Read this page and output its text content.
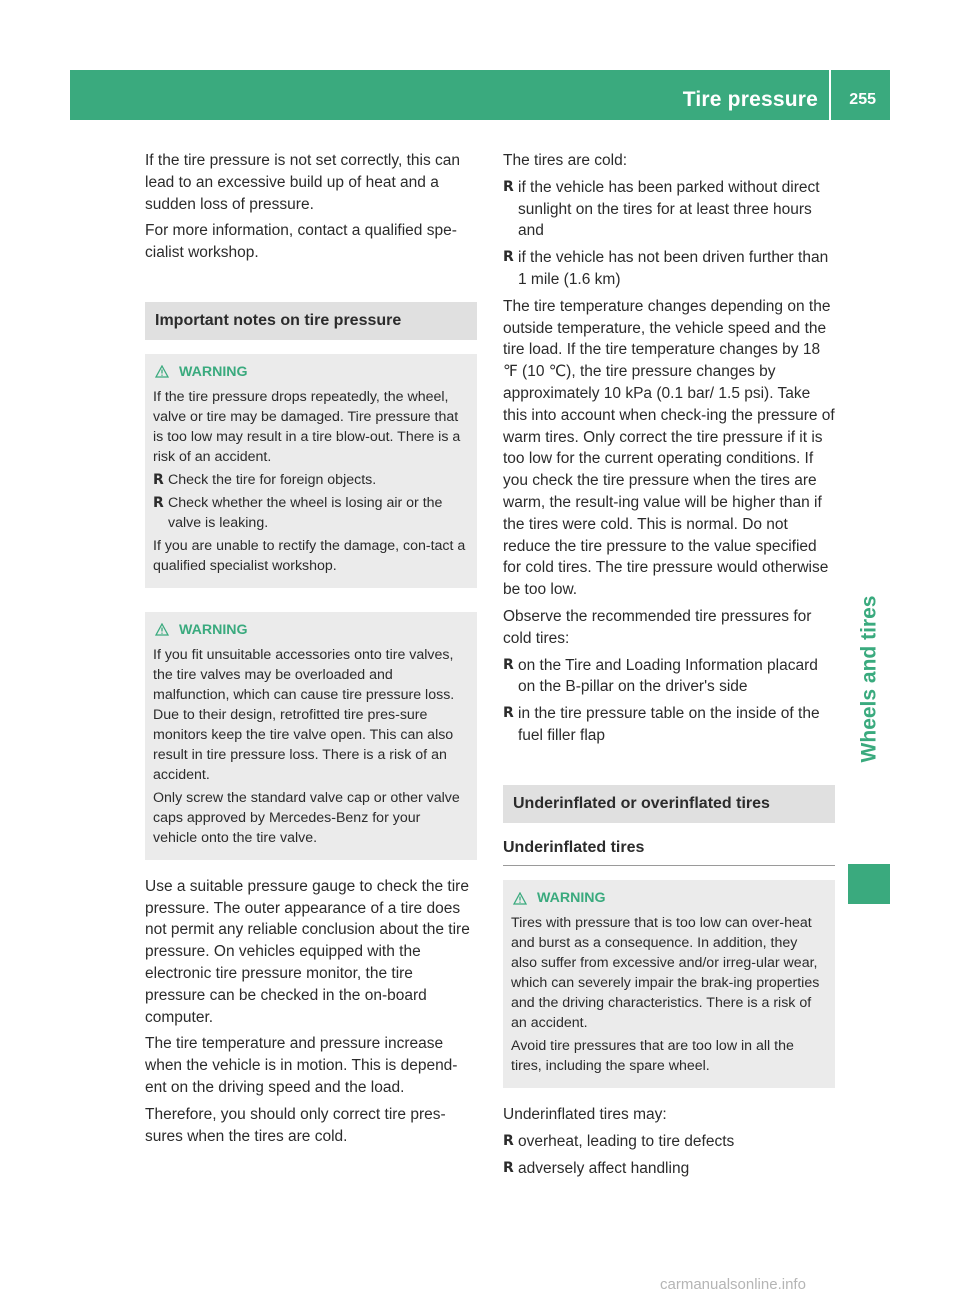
Tire pressure 255
Wheels and tires

If the tire pressure is not set correctly, this can lead to an excessive build up of heat and a sudden loss of pressure.

For more information, contact a qualified spe-cialist workshop.

Important notes on tire pressure
WARNING

If the tire pressure drops repeatedly, the wheel, valve or tire may be damaged. Tire pressure that is too low may result in a tire blow-out. There is a risk of an accident.

R Check the tire for foreign objects.
R Check whether the wheel is losing air or the valve is leaking.

If you are unable to rectify the damage, con-tact a qualified specialist workshop.

WARNING

If you fit unsuitable accessories onto tire valves, the tire valves may be overloaded and malfunction, which can cause tire pressure loss. Due to their design, retrofitted tire pres-sure monitors keep the tire valve open. This can also result in tire pressure loss. There is a risk of an accident.

Only screw the standard valve cap or other valve caps approved by Mercedes-Benz for your vehicle onto the tire valve.

Use a suitable pressure gauge to check the tire pressure. The outer appearance of a tire does not permit any reliable conclusion about the tire pressure. On vehicles equipped with the electronic tire pressure monitor, the tire pressure can be checked in the on-board computer.

The tire temperature and pressure increase when the vehicle is in motion. This is depend-ent on the driving speed and the load.

Therefore, you should only correct tire pres-sures when the tires are cold.

The tires are cold:

R if the vehicle has been parked without direct sunlight on the tires for at least three hours and
R if the vehicle has not been driven further than 1 mile (1.6 km)

The tire temperature changes depending on the outside temperature, the vehicle speed and the tire load. If the tire temperature changes by 18 ℉ (10 ℃), the tire pressure changes by approximately 10 kPa (0.1 bar/ 1.5 psi). Take this into account when check-ing the pressure of warm tires. Only correct the tire pressure if it is too low for the current operating conditions. If you check the tire pressure when the tires are warm, the result-ing value will be higher than if the tires were cold. This is normal. Do not reduce the tire pressure to the value specified for cold tires. The tire pressure would otherwise be too low.

Observe the recommended tire pressures for cold tires:

R on the Tire and Loading Information placard on the B-pillar on the driver's side
R in the tire pressure table on the inside of the fuel filler flap
Underinflated or overinflated tires
Underinflated tires
WARNING

Tires with pressure that is too low can over-heat and burst as a consequence. In addition, they also suffer from excessive and/or irreg-ular wear, which can severely impair the brak-ing properties and the driving characteristics. There is a risk of an accident.

Avoid tire pressures that are too low in all the tires, including the spare wheel.

Underinflated tires may:

R overheat, leading to tire defects
R adversely affect handling
carmanualsonline.info
